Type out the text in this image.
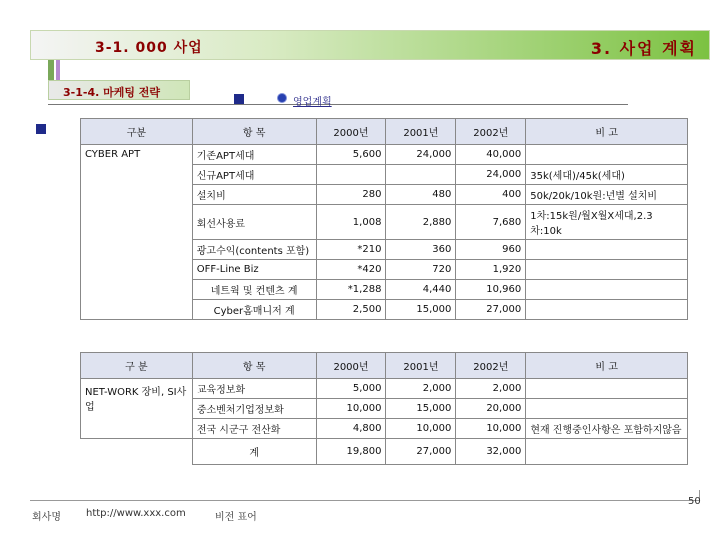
3-1. 000 사업	3. 사업 계획
3-1-4. 마케팅 전략
영업계획
구분	항 목	2000년	2001년	2002년	비 고
CYBER APT	기존APT세대	5,600	24,000	40,000	
	신규APT세대			24,000	35k(세대)/45k(세대)
	설치비	280	480	400	50k/20k/10k원:년별 설치비
	회선사용료	1,008	2,880	7,680	1차:15k원/월X월X세대,2.3차:10k
	광고수익(contents 포함)	*210	360	960	
	OFF-Line Biz	*420	720	1,920	
	네트웍 및 컨텐츠 계	*1,288	4,440	10,960	
	Cyber홈매니저 계	2,500	15,000	27,000	
구 분	항 목	2000년	2001년	2002년	비 고
NET-WORK 장비, SI사업	교육정보화	5,000	2,000	2,000	
	중소벤처기업정보화	10,000	15,000	20,000	
	전국 시군구 전산화	4,800	10,000	10,000	현재 진행중인사항은 포함하지않음
	계	19,800	27,000	32,000	
50
회사명	http://www.xxx.com	비전 표어
